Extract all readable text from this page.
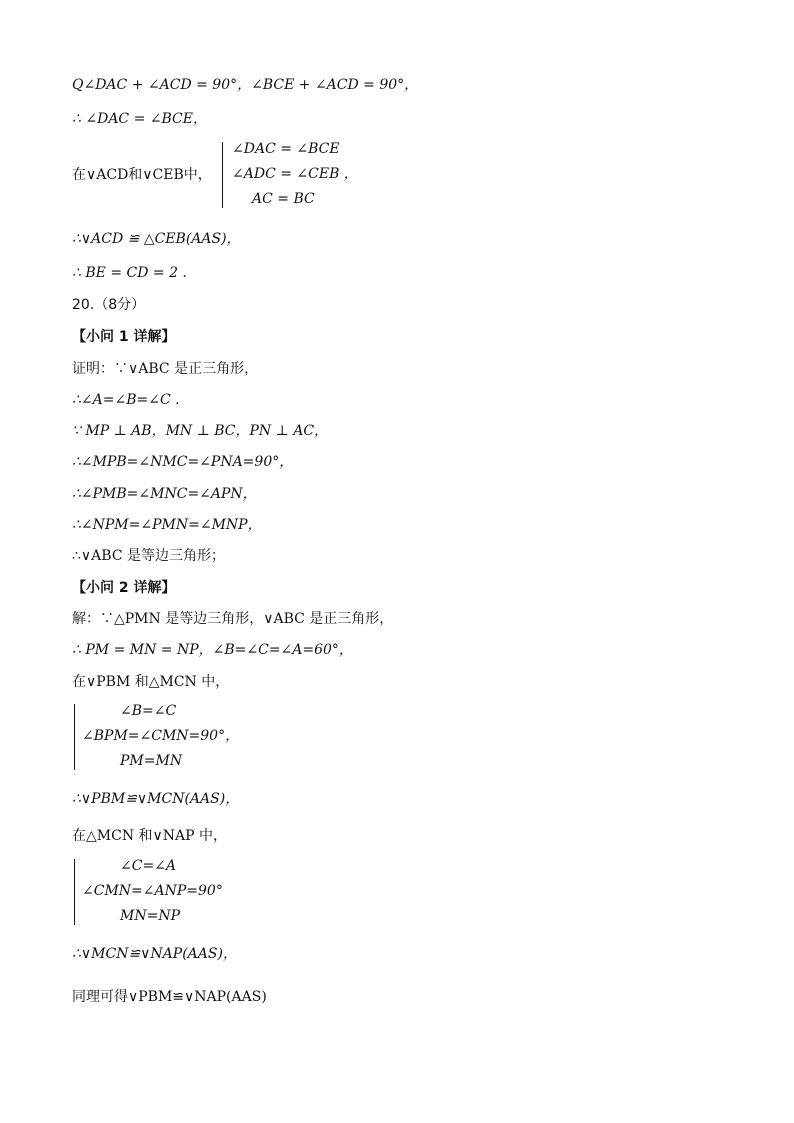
Q∠DAC + ∠ACD = 90°，∠BCE + ∠ACD = 90°，
∴ ∠DAC = ∠BCE，
在∨ACD和∨CEB中，
∠DAC = ∠BCE
∠ADC = ∠CEB ，
AC = BC
∴∨ACD ≌ △CEB(AAS)，
∴ BE = CD = 2 .
20.（8分）
【小问 1 详解】
证明：∵∨ABC 是正三角形，
∴∠A=∠B=∠C .
∵ MP ⊥ AB，MN ⊥ BC，PN ⊥ AC，
∴∠MPB=∠NMC=∠PNA=90°，
∴∠PMB=∠MNC=∠APN，
∴∠NPM=∠PMN=∠MNP，
∴∨ABC 是等边三角形；
【小问 2 详解】
解：∵△PMN 是等边三角形，∨ABC 是正三角形，
∴ PM = MN = NP，∠B=∠C=∠A=60°，
在∨PBM 和△MCN 中，
∠B=∠C
∠BPM=∠CMN=90°，
PM=MN
∴∨PBM≌∨MCN(AAS)，
在△MCN 和∨NAP 中，
∠C=∠A
∠CMN=∠ANP=90°
MN=NP
∴∨MCN≌∨NAP(AAS)，
同理可得∨PBM≌∨NAP(AAS)
